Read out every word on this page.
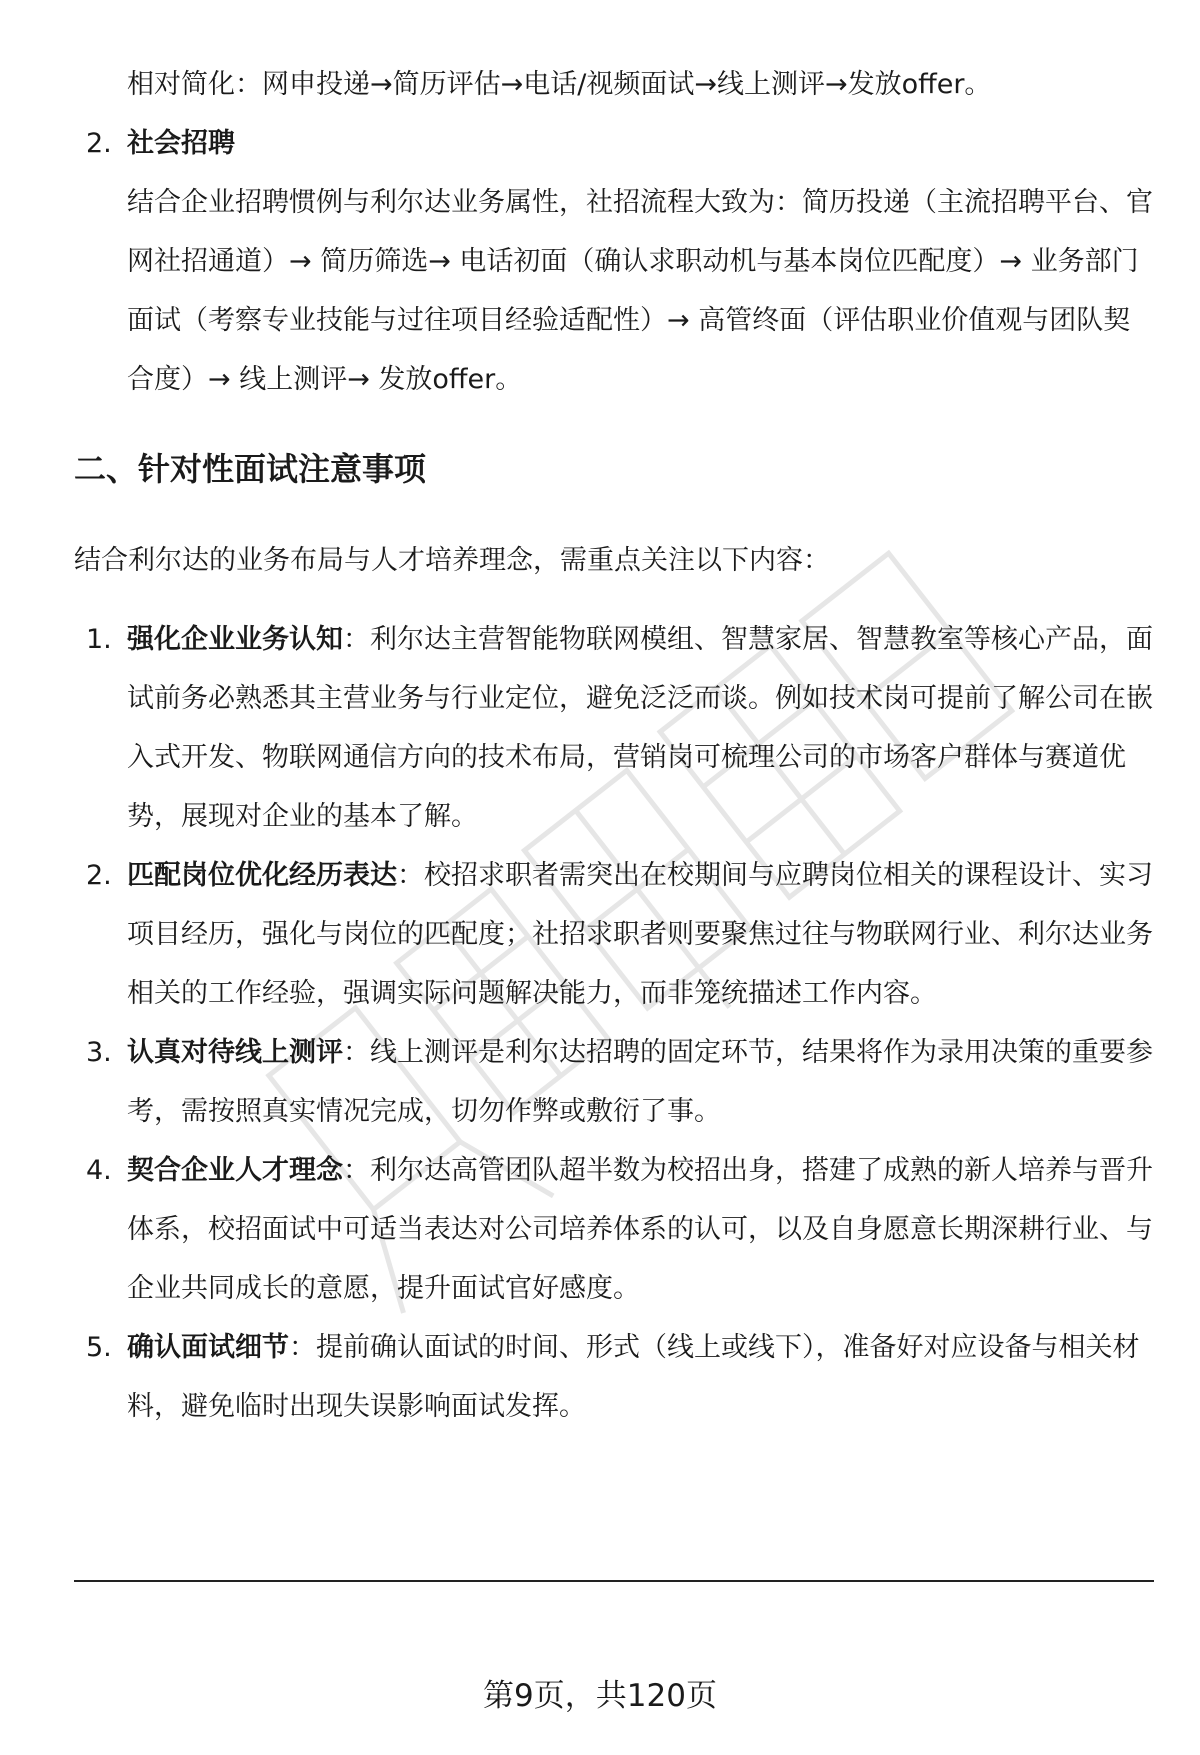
相对简化：网申投递→简历评估→电话/视频面试→线上测评→发放offer。

2. 社会招聘
结合企业招聘惯例与利尔达业务属性，社招流程大致为：简历投递（主流招聘平台、官网社招通道）→ 简历筛选→ 电话初面（确认求职动机与基本岗位匹配度）→ 业务部门面试（考察专业技能与过往项目经验适配性）→ 高管终面（评估职业价值观与团队契合度）→ 线上测评→ 发放offer。
二、针对性面试注意事项

结合利尔达的业务布局与人才培养理念，需重点关注以下内容：

1. 强化企业业务认知：利尔达主营智能物联网模组、智慧家居、智慧教室等核心产品，面试前务必熟悉其主营业务与行业定位，避免泛泛而谈。例如技术岗可提前了解公司在嵌入式开发、物联网通信方向的技术布局，营销岗可梳理公司的市场客户群体与赛道优势，展现对企业的基本了解。
2. 匹配岗位优化经历表达：校招求职者需突出在校期间与应聘岗位相关的课程设计、实习项目经历，强化与岗位的匹配度；社招求职者则要聚焦过往与物联网行业、利尔达业务相关的工作经验，强调实际问题解决能力，而非笼统描述工作内容。
3. 认真对待线上测评：线上测评是利尔达招聘的固定环节，结果将作为录用决策的重要参考，需按照真实情况完成，切勿作弊或敷衍了事。
4. 契合企业人才理念：利尔达高管团队超半数为校招出身，搭建了成熟的新人培养与晋升体系，校招面试中可适当表达对公司培养体系的认可，以及自身愿意长期深耕行业、与企业共同成长的意愿，提升面试官好感度。
5. 确认面试细节：提前确认面试的时间、形式（线上或线下），准备好对应设备与相关材料，避免临时出现失误影响面试发挥。
第9页，共120页
